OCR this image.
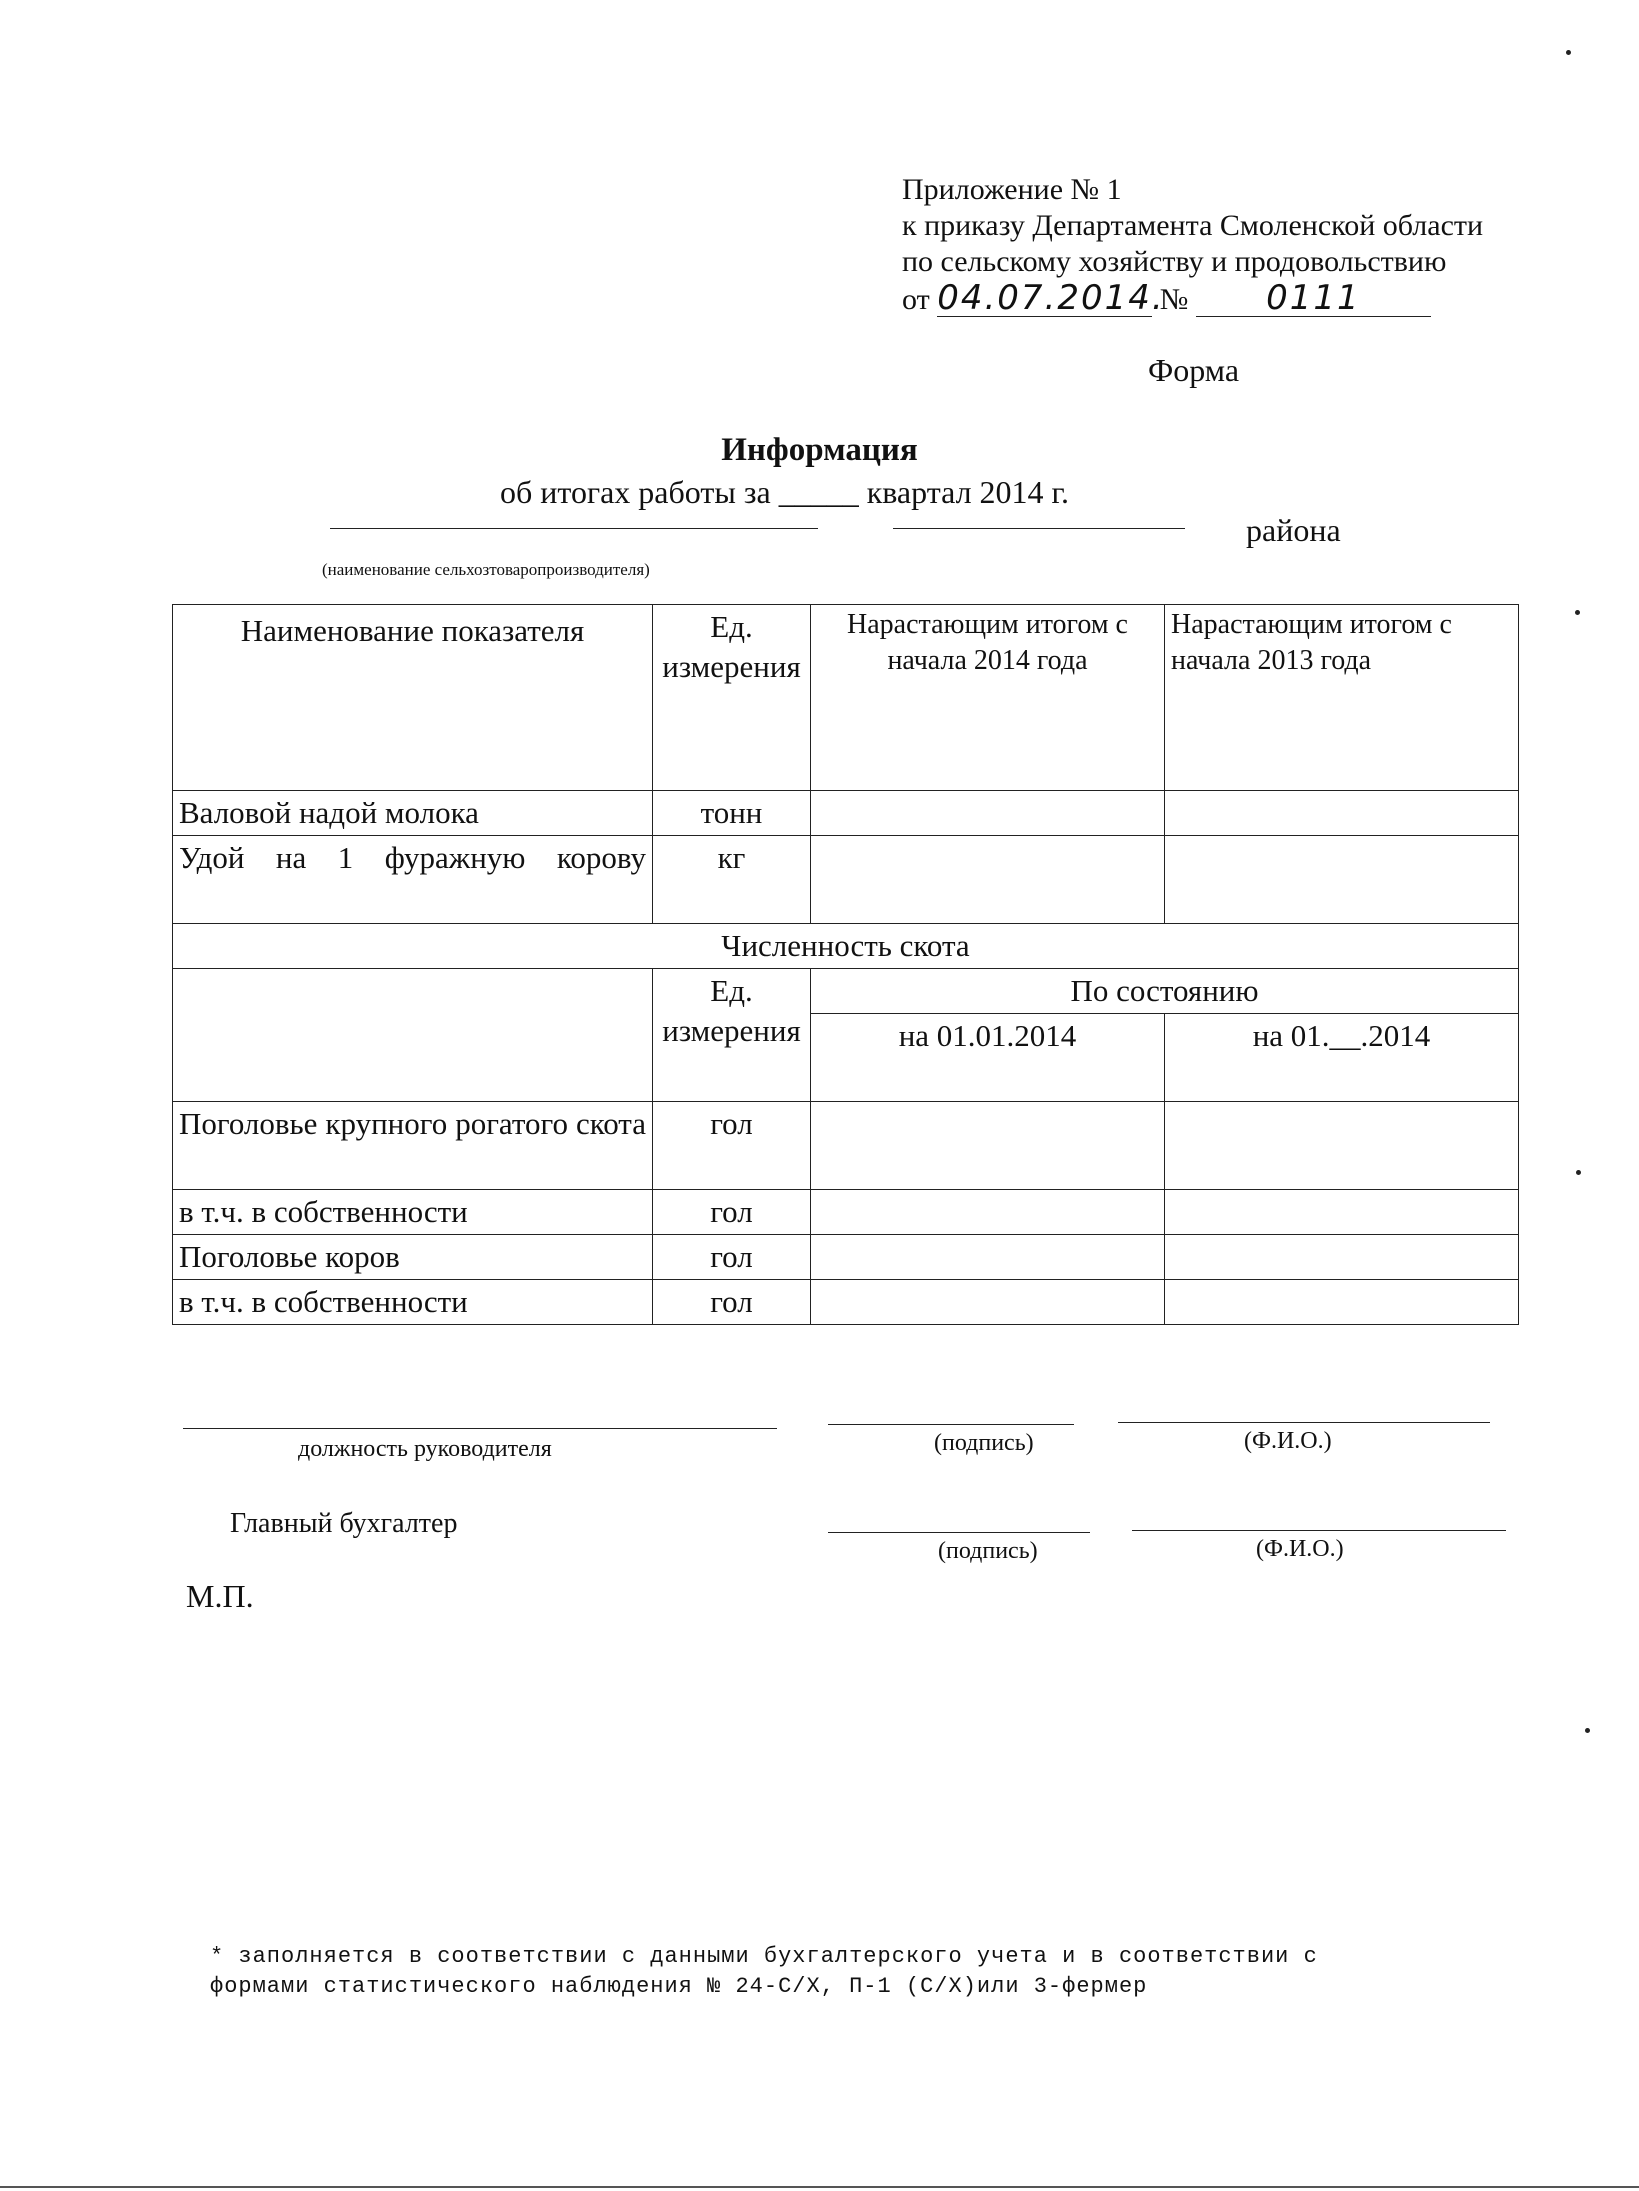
Приложение № 1
к приказу Департамента Смоленской области
по сельскому хозяйству и продовольствию
от 04.07.2014. № 0111
Форма
Информация
об итогах работы за _____ квартал 2014 г.
района
(наименование сельхозтоваропроизводителя)
Наименование показателя	Ед. измерения	Нарастающим итогом с начала 2014 года	Нарастающим итогом с начала 2013 года
Валовой надой молока	тонн		
Удой на 1 фуражную корову	кг		
Численность скота			
	Ед. измерения	По состоянию	
		на 01.01.2014	на 01.__.2014
Поголовье крупного рогатого скота	гол		
в т.ч. в собственности	гол		
Поголовье коров	гол		
в т.ч. в собственности	гол		
должность руководителя	(подпись)	(Ф.И.О.)
Главный бухгалтер
(подпись)	(Ф.И.О.)
М.П.
* заполняется в соответствии с данными бухгалтерского учета и в соответствии с
формами статистического наблюдения № 24-С/Х, П-1 (С/Х)или 3-фермер
